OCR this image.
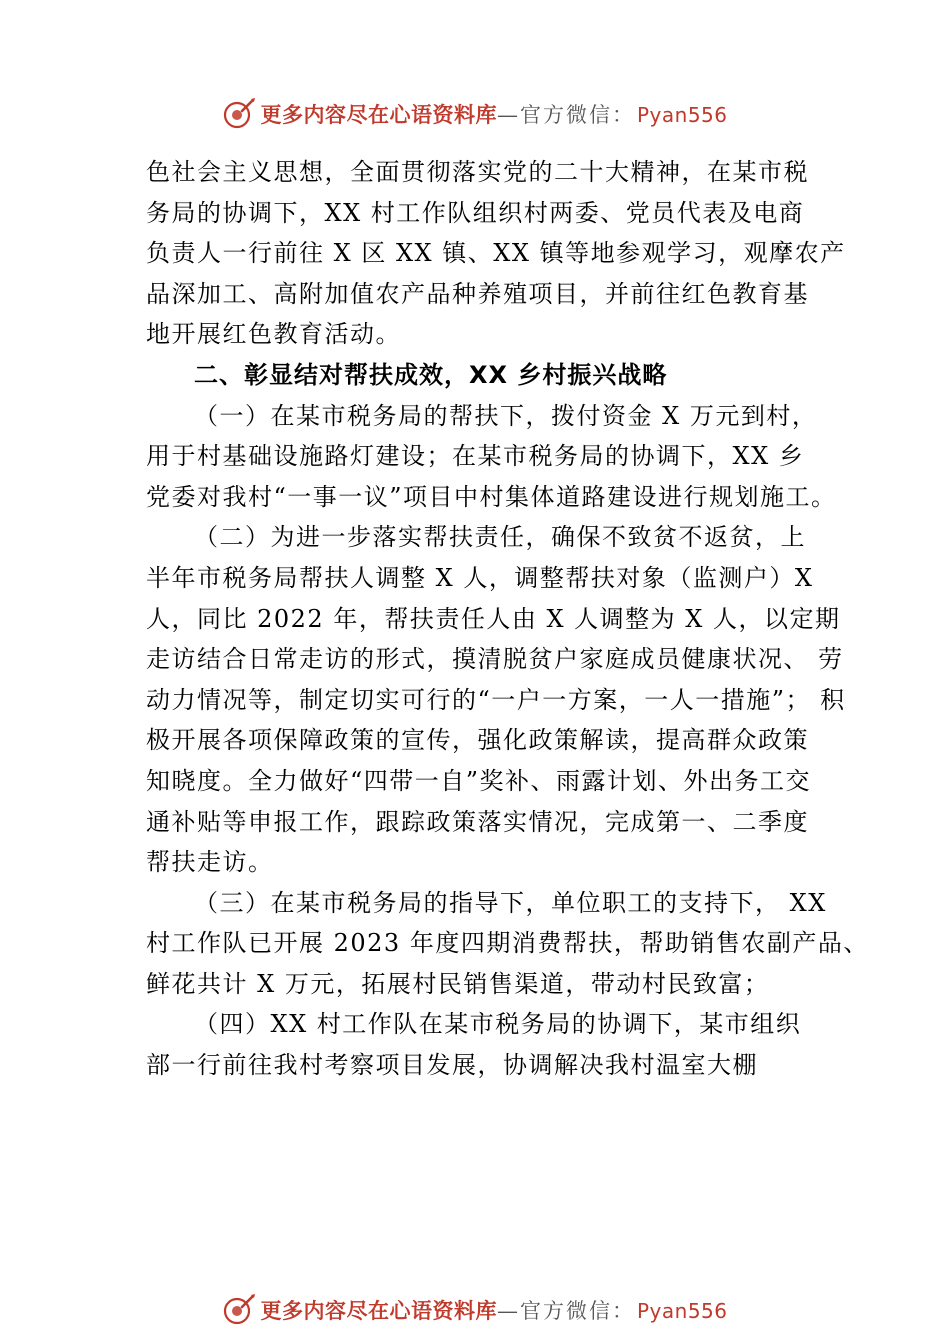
更多内容尽在心语资料库—官方微信： Pyan556
色社会主义思想，全面贯彻落实党的二十大精神，在某市税
务局的协调下，XX 村工作队组织村两委、党员代表及电商
负责人一行前往 X 区 XX 镇、XX 镇等地参观学习，观摩农产
品深加工、高附加值农产品种养殖项目，并前往红色教育基
地开展红色教育活动。
二、彰显结对帮扶成效，XX 乡村振兴战略
（一）在某市税务局的帮扶下，拨付资金 X 万元到村，
用于村基础设施路灯建设；在某市税务局的协调下，XX 乡
党委对我村“一事一议”项目中村集体道路建设进行规划施工。
（二）为进一步落实帮扶责任，确保不致贫不返贫，上
半年市税务局帮扶人调整 X 人，调整帮扶对象（监测户）X
人，同比 2022 年，帮扶责任人由 X 人调整为 X 人，以定期
走访结合日常走访的形式，摸清脱贫户家庭成员健康状况、 劳
动力情况等，制定切实可行的“一户一方案，一人一措施”； 积
极开展各项保障政策的宣传，强化政策解读，提高群众政策
知晓度。全力做好“四带一自”奖补、雨露计划、外出务工交
通补贴等申报工作，跟踪政策落实情况，完成第一、二季度
帮扶走访。
（三）在某市税务局的指导下，单位职工的支持下， XX
村工作队已开展 2023 年度四期消费帮扶，帮助销售农副产品、
鲜花共计 X 万元，拓展村民销售渠道，带动村民致富；
（四）XX 村工作队在某市税务局的协调下，某市组织
部一行前往我村考察项目发展，协调解决我村温室大棚
更多内容尽在心语资料库—官方微信： Pyan556
